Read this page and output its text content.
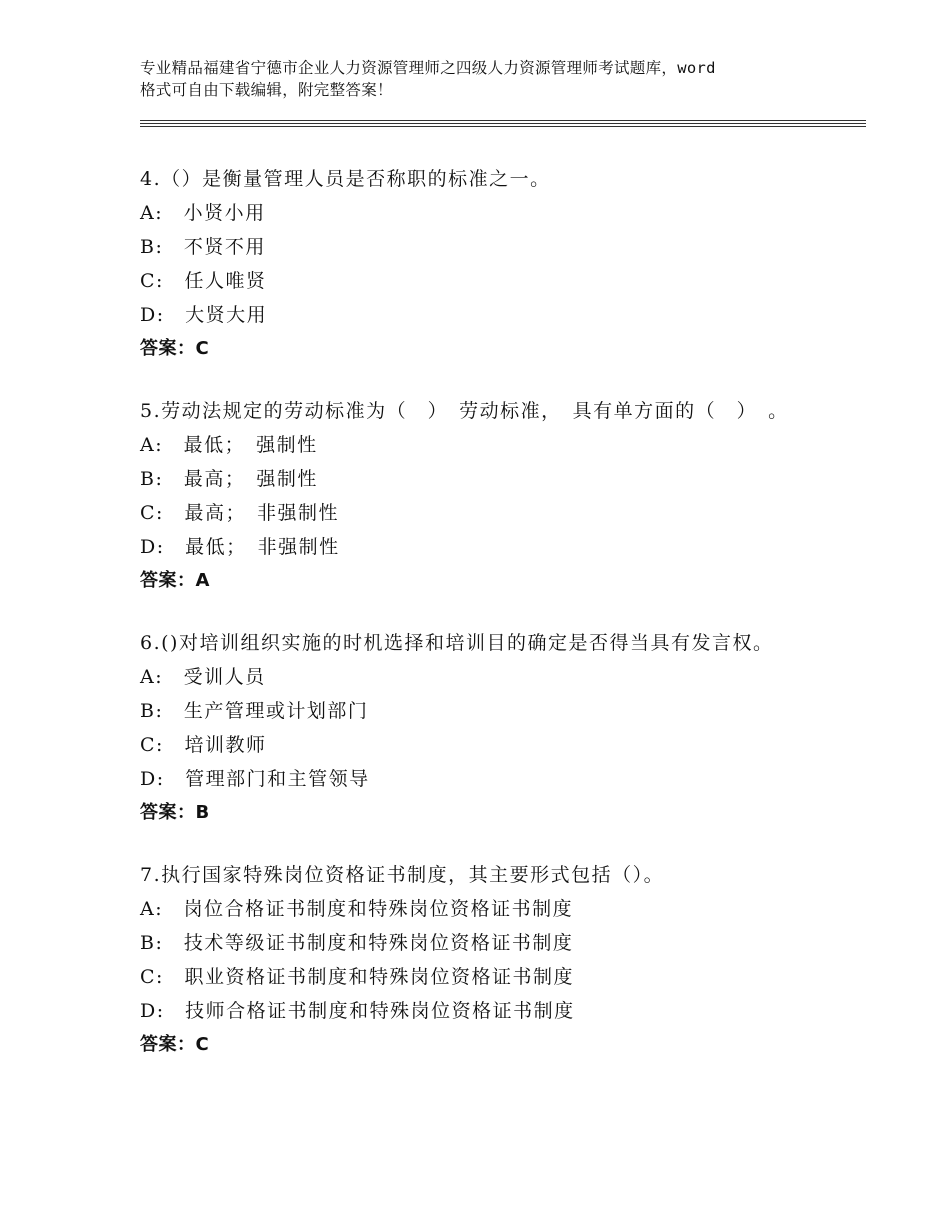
专业精品福建省宁德市企业人力资源管理师之四级人力资源管理师考试题库，word
格式可自由下载编辑，附完整答案！

4.（）是衡量管理人员是否称职的标准之一。

A:　小贤小用

B:　不贤不用

C:　任人唯贤

D:　大贤大用

答案：C

5.劳动法规定的劳动标准为（　）　劳动标准，　具有单方面的（　）　。

A:　最低；　强制性

B:　最高；　强制性

C:　最高；　非强制性

D:　最低；　非强制性

答案：A

6.()对培训组织实施的时机选择和培训目的确定是否得当具有发言权。

A:　受训人员

B:　生产管理或计划部门

C:　培训教师

D:　管理部门和主管领导

答案：B

7.执行国家特殊岗位资格证书制度，其主要形式包括（）。

A:　岗位合格证书制度和特殊岗位资格证书制度

B:　技术等级证书制度和特殊岗位资格证书制度

C:　职业资格证书制度和特殊岗位资格证书制度

D:　技师合格证书制度和特殊岗位资格证书制度

答案：C
